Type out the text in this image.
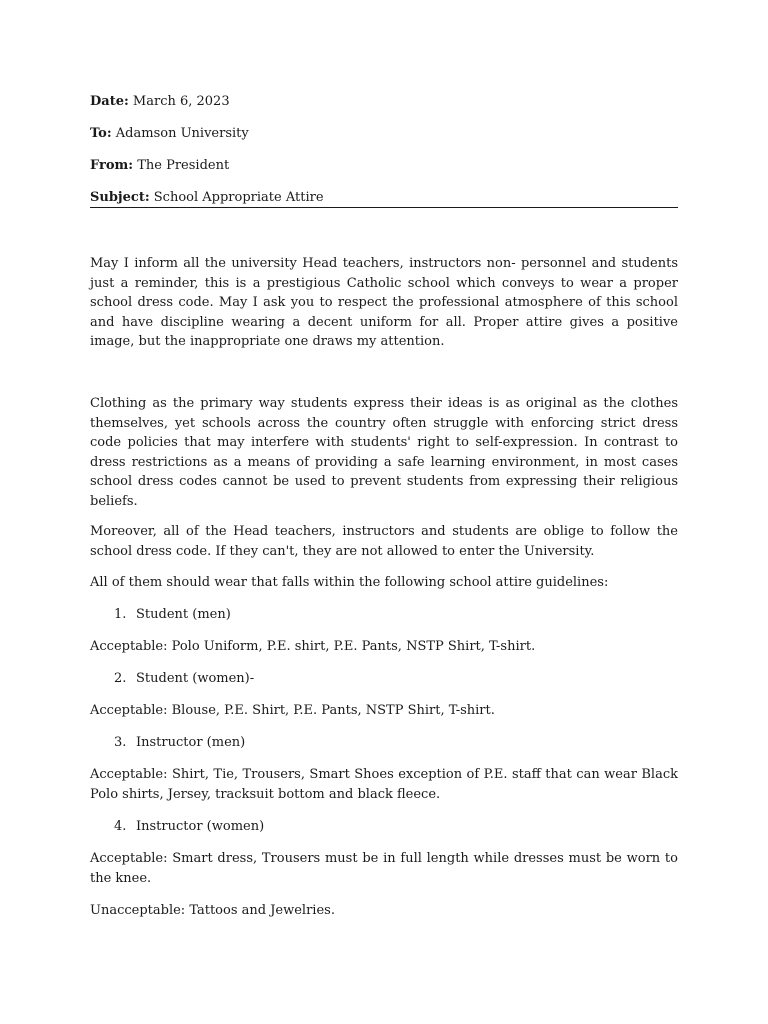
Date: March 6, 2023
To: Adamson University
From: The President
Subject: School Appropriate Attire

May I inform all the university Head teachers, instructors non- personnel and students just a reminder, this is a prestigious Catholic school which conveys to wear a proper school dress code. May I ask you to respect the professional atmosphere of this school and have discipline wearing a decent uniform for all. Proper attire gives a positive image, but the inappropriate one draws my attention.

Clothing as the primary way students express their ideas is as original as the clothes themselves, yet schools across the country often struggle with enforcing strict dress code policies that may interfere with students' right to self-expression. In contrast to dress restrictions as a means of providing a safe learning environment, in most cases school dress codes cannot be used to prevent students from expressing their religious beliefs.

Moreover, all of the Head teachers, instructors and students are oblige to follow the school dress code. If they can't, they are not allowed to enter the University.

All of them should wear that falls within the following school attire guidelines:

1. Student (men)

Acceptable: Polo Uniform, P.E. shirt, P.E. Pants, NSTP Shirt, T-shirt.

2. Student (women)-

Acceptable: Blouse, P.E. Shirt, P.E. Pants, NSTP Shirt, T-shirt.

3. Instructor (men)

Acceptable: Shirt, Tie, Trousers, Smart Shoes exception of P.E. staff that can wear Black Polo shirts, Jersey, tracksuit bottom and black fleece.

4. Instructor (women)

Acceptable: Smart dress, Trousers must be in full length while dresses must be worn to the knee.

Unacceptable: Tattoos and Jewelries.
